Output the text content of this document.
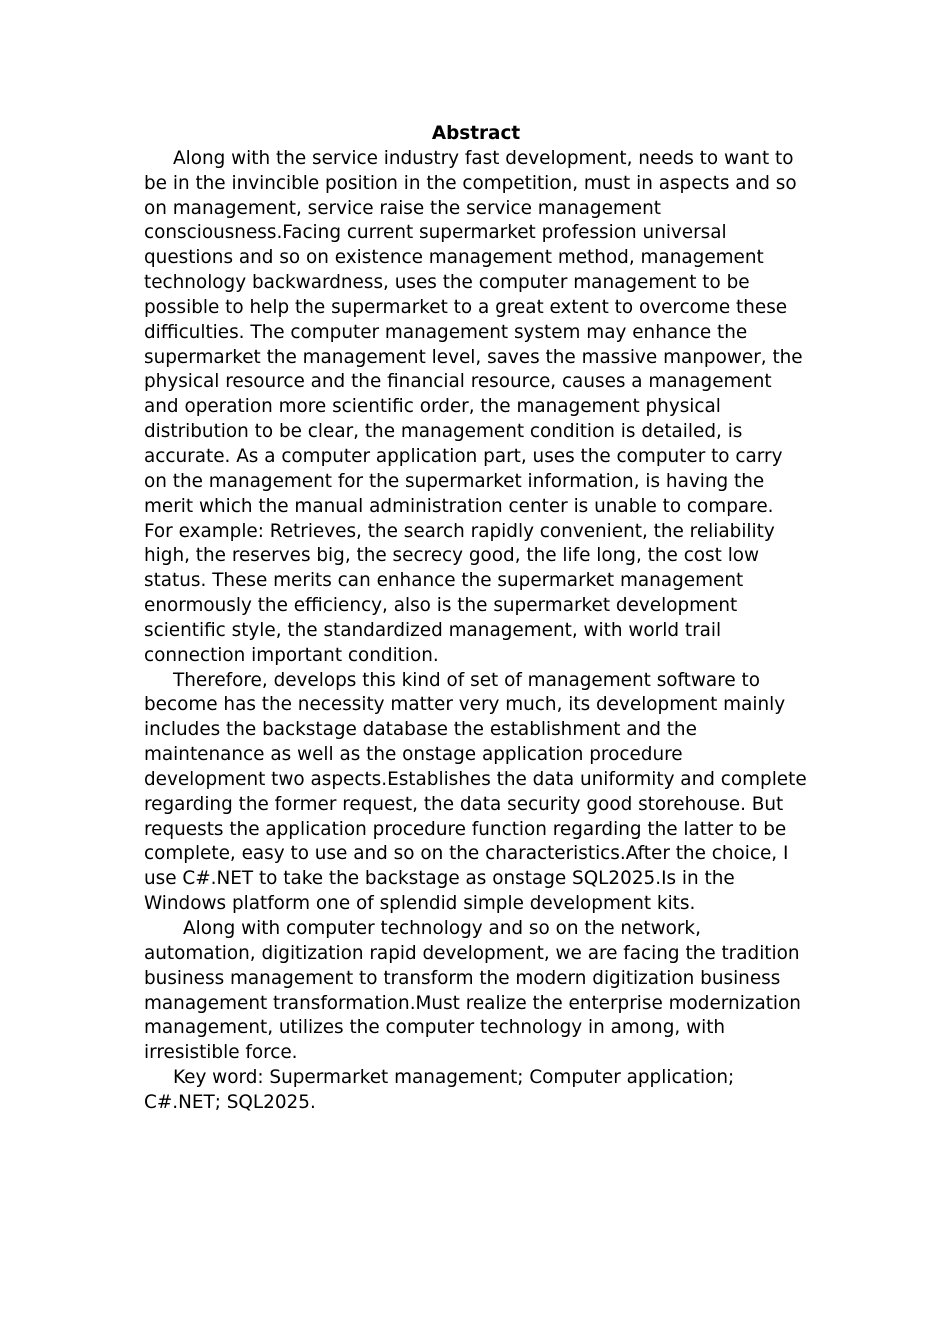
Abstract

Along with the service industry fast development, needs to want to be in the invincible position in the competition, must in aspects and so on management, service raise the service management consciousness.Facing current supermarket profession universal questions and so on existence management method, management technology backwardness, uses the computer management to be possible to help the supermarket to a great extent to overcome these difficulties. The computer management system may enhance the supermarket the management level, saves the massive manpower, the physical resource and the financial resource, causes a management and operation more scientific order, the management physical distribution to be clear, the management condition is detailed, is accurate. As a computer application part, uses the computer to carry on the management for the supermarket information, is having the merit which the manual administration center is unable to compare. For example: Retrieves, the search rapidly convenient, the reliability high, the reserves big, the secrecy good, the life long, the cost low status. These merits can enhance the supermarket management enormously the efficiency, also is the supermarket development scientific style, the standardized management, with world trail connection important condition.

Therefore, develops this kind of set of management software to become has the necessity matter very much, its development mainly includes the backstage database the establishment and the maintenance as well as the onstage application procedure development two aspects.Establishes the data uniformity and complete regarding the former request, the data security good storehouse. But requests the application procedure function regarding the latter to be complete, easy to use and so on the characteristics.After the choice, I use C#.NET to take the backstage as onstage SQL2025.Is in the Windows platform one of splendid simple development kits.

Along with computer technology and so on the network, automation, digitization rapid development, we are facing the tradition business management to transform the modern digitization business management transformation.Must realize the enterprise modernization management, utilizes the computer technology in among, with irresistible force.

Key word: Supermarket management; Computer application; C#.NET; SQL2025.
